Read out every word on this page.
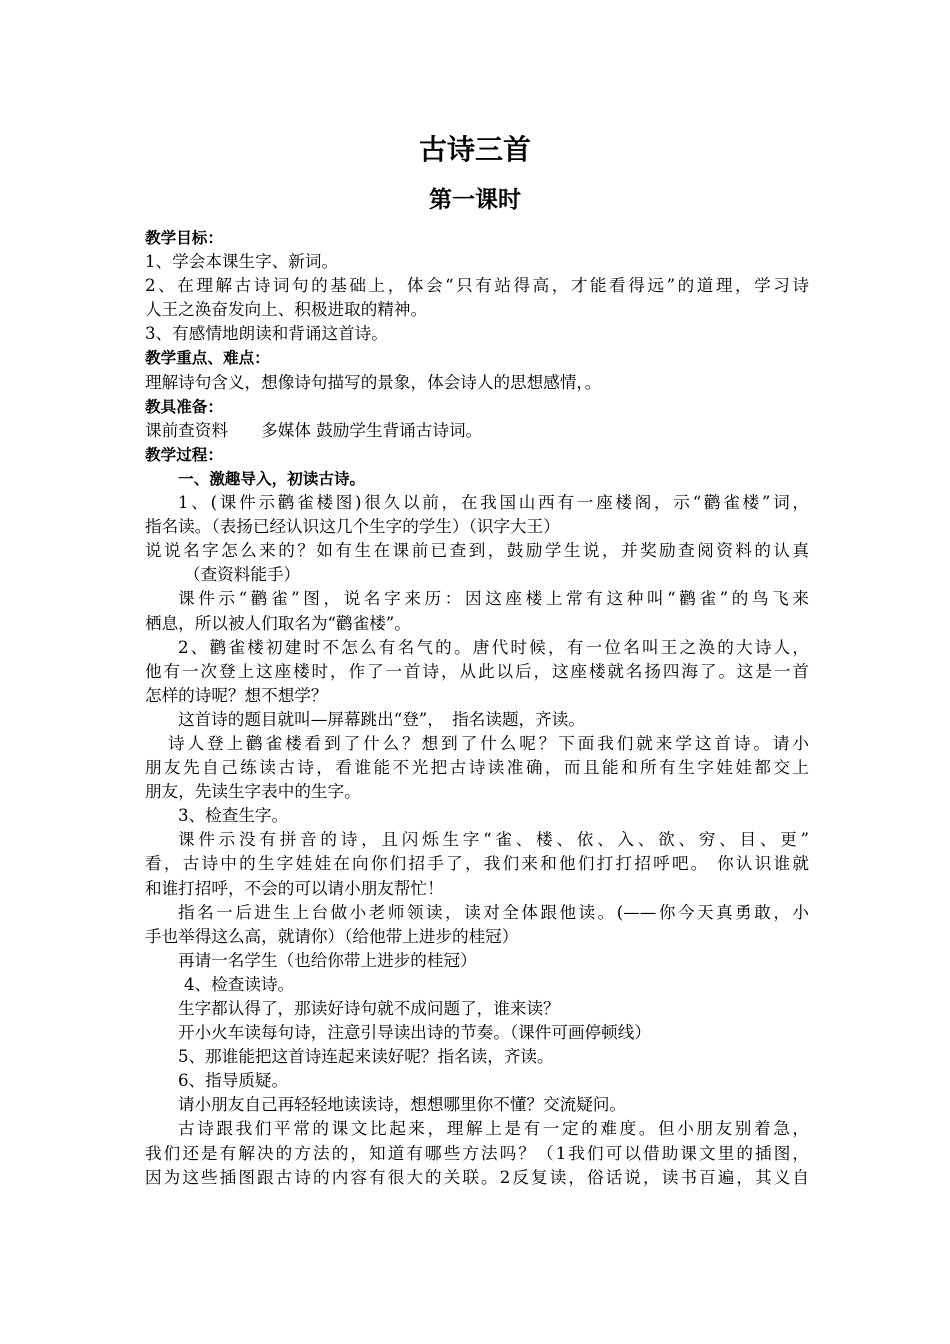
古诗三首
第一课时
教学目标：
1、学会本课生字、新词。
2、在理解古诗词句的基础上，体会“只有站得高，才能看得远”的道理，学习诗
人王之涣奋发向上、积极进取的精神。
3、有感情地朗读和背诵这首诗。
教学重点、难点：
理解诗句含义，想像诗句描写的景象，体会诗人的思想感情，。
教具准备：
课前查资料　　多媒体 鼓励学生背诵古诗词。
教学过程：
一、激趣导入，初读古诗。
1、(课件示鹳雀楼图)很久以前，在我国山西有一座楼阁，示“鹳雀楼”词，
指名读。（表扬已经认识这几个生字的学生）（识字大王）
说说名字怎么来的？如有生在课前已查到，鼓励学生说，并奖励查阅资料的认真
（查资料能手）
课件示“鹳雀”图，说名字来历：因这座楼上常有这种叫“鹳雀”的鸟飞来
栖息，所以被人们取名为“鹳雀楼”。
2、鹳雀楼初建时不怎么有名气的。唐代时候，有一位名叫王之涣的大诗人，
他有一次登上这座楼时，作了一首诗，从此以后，这座楼就名扬四海了。这是一首
怎样的诗呢？想不想学？
这首诗的题目就叫—屏幕跳出“登”，　指名读题，齐读。
诗人登上鹳雀楼看到了什么？想到了什么呢？下面我们就来学这首诗。请小
朋友先自己练读古诗，看谁能不光把古诗读准确，而且能和所有生字娃娃都交上
朋友，先读生字表中的生字。
3、检查生字。
课件示没有拼音的诗，且闪烁生字“雀、楼、依、入、欲、穷、目、更”
看，古诗中的生字娃娃在向你们招手了，我们来和他们打打招呼吧。 你认识谁就
和谁打招呼，不会的可以请小朋友帮忙！
指名一后进生上台做小老师领读，读对全体跟他读。(——你今天真勇敢，小
手也举得这么高，就请你）（给他带上进步的桂冠）
再请一名学生（也给你带上进步的桂冠）
4、检查读诗。
生字都认得了，那读好诗句就不成问题了，谁来读？
开小火车读每句诗，注意引导读出诗的节奏。（课件可画停顿线）
5、那谁能把这首诗连起来读好呢？指名读，齐读。
6、指导质疑。
请小朋友自己再轻轻地读读诗，想想哪里你不懂？交流疑问。
古诗跟我们平常的课文比起来，理解上是有一定的难度。但小朋友别着急，
我们还是有解决的方法的，知道有哪些方法吗？（1我们可以借助课文里的插图，
因为这些插图跟古诗的内容有很大的关联。2反复读，俗话说，读书百遍，其义自
